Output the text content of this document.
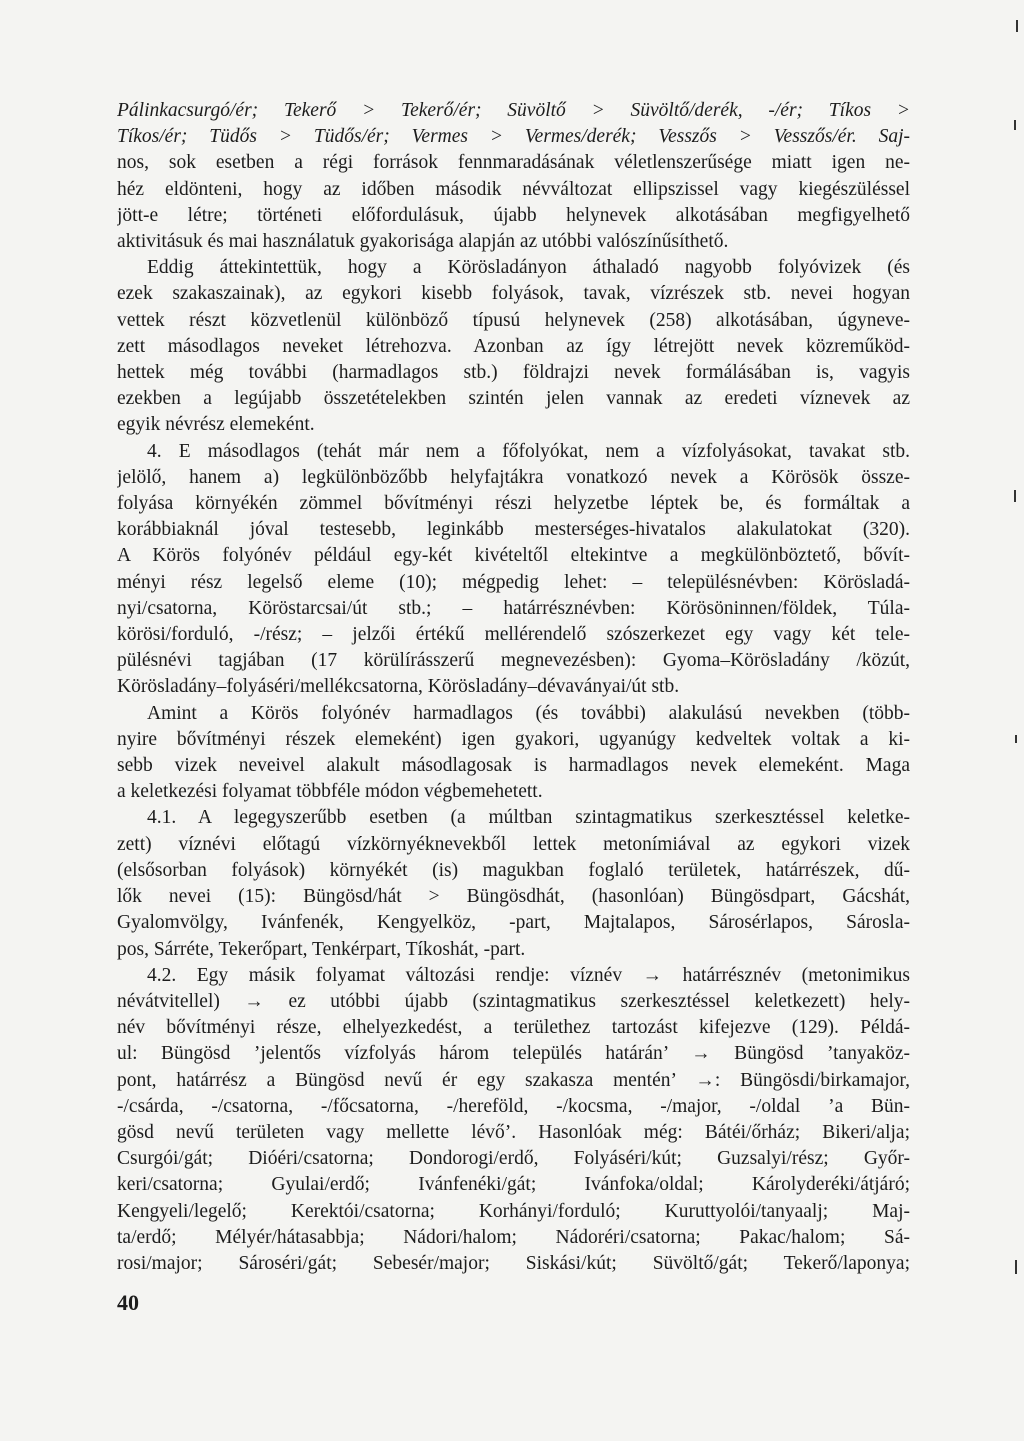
Pálinkacsurgó/ér; Tekerő > Tekerő/ér; Süvöltő > Süvöltő/derék, -/ér; Tíkos >
Tíkos/ér; Tüdős > Tüdős/ér; Vermes > Vermes/derék; Vesszős > Vesszős/ér. Saj-
nos, sok esetben a régi források fennmaradásának véletlenszerűsége miatt igen ne-
héz eldönteni, hogy az időben második névváltozat ellipszissel vagy kiegészüléssel
jött-e létre; történeti előfordulásuk, újabb helynevek alkotásában megfigyelhető
aktivitásuk és mai használatuk gyakorisága alapján az utóbbi valószínűsíthető.
Eddig áttekintettük, hogy a Körösladányon áthaladó nagyobb folyóvizek (és
ezek szakaszainak), az egykori kisebb folyások, tavak, vízrészek stb. nevei hogyan
vettek részt közvetlenül különböző típusú helynevek (258) alkotásában, úgyneve-
zett másodlagos neveket létrehozva. Azonban az így létrejött nevek közreműköd-
hettek még további (harmadlagos stb.) földrajzi nevek formálásában is, vagyis
ezekben a legújabb összetételekben szintén jelen vannak az eredeti víznevek az
egyik névrész elemeként.
4. E másodlagos (tehát már nem a főfolyókat, nem a vízfolyásokat, tavakat stb.
jelölő, hanem a) legkülönbözőbb helyfajtákra vonatkozó nevek a Körösök össze-
folyása környékén zömmel bővítményi részi helyzetbe léptek be, és formáltak a
korábbiaknál jóval testesebb, leginkább mesterséges-hivatalos alakulatokat (320).
A Körös folyónév például egy-két kivételtől eltekintve a megkülönböztető, bővít-
ményi rész legelső eleme (10); mégpedig lehet: – településnévben: Körösladá-
nyi/csatorna, Köröstarcsai/út stb.; – határrésznévben: Körösöninnen/földek, Túla-
körösi/forduló, -/rész; – jelzői értékű mellérendelő szószerkezet egy vagy két tele-
pülésnévi tagjában (17 körülírásszerű megnevezésben): Gyoma–Körösladány /közút,
Körösladány–folyáséri/mellékcsatorna, Körösladány–dévaványai/út stb.
Amint a Körös folyónév harmadlagos (és további) alakulású nevekben (több-
nyire bővítményi részek elemeként) igen gyakori, ugyanúgy kedveltek voltak a ki-
sebb vizek neveivel alakult másodlagosak is harmadlagos nevek elemeként. Maga
a keletkezési folyamat többféle módon végbemehetett.
4.1. A legegyszerűbb esetben (a múltban szintagmatikus szerkesztéssel keletke-
zett) víznévi előtagú vízkörnyéknevekből lettek metonímiával az egykori vizek
(elsősorban folyások) környékét (is) magukban foglaló területek, határrészek, dű-
lők nevei (15): Büngösd/hát > Büngösdhát, (hasonlóan) Büngösdpart, Gácshát,
Gyalomvölgy, Ivánfenék, Kengyelköz, -part, Majtalapos, Sárosérlapos, Sárosla-
pos, Sárréte, Tekerőpart, Tenkérpart, Tíkoshát, -part.
4.2. Egy másik folyamat változási rendje: víznév → határrésznév (metonimikus
névátvitellel) → ez utóbbi újabb (szintagmatikus szerkesztéssel keletkezett) hely-
név bővítményi része, elhelyezkedést, a területhez tartozást kifejezve (129). Példá-
ul: Büngösd ’jelentős vízfolyás három település határán’ → Büngösd ’tanyaköz-
pont, határrész a Büngösd nevű ér egy szakasza mentén’ →: Büngösdi/birkamajor,
-/csárda, -/csatorna, -/főcsatorna, -/hereföld, -/kocsma, -/major, -/oldal ’a Bün-
gösd nevű területen vagy mellette lévő’. Hasonlóak még: Bátéi/őrház; Bikeri/alja;
Csurgói/gát; Dióéri/csatorna; Dondorogi/erdő, Folyáséri/kút; Guzsalyi/rész; Győr-
keri/csatorna; Gyulai/erdő; Ivánfenéki/gát; Ivánfoka/oldal; Károlyderéki/átjáró;
Kengyeli/legelő; Kerektói/csatorna; Korhányi/forduló; Kuruttyolói/tanyaalj; Maj-
ta/erdő; Mélyér/hátasabbja; Nádori/halom; Nádoréri/csatorna; Pakac/halom; Sá-
rosi/major; Sároséri/gát; Sebesér/major; Siskási/kút; Süvöltő/gát; Tekerő/laponya;
40
